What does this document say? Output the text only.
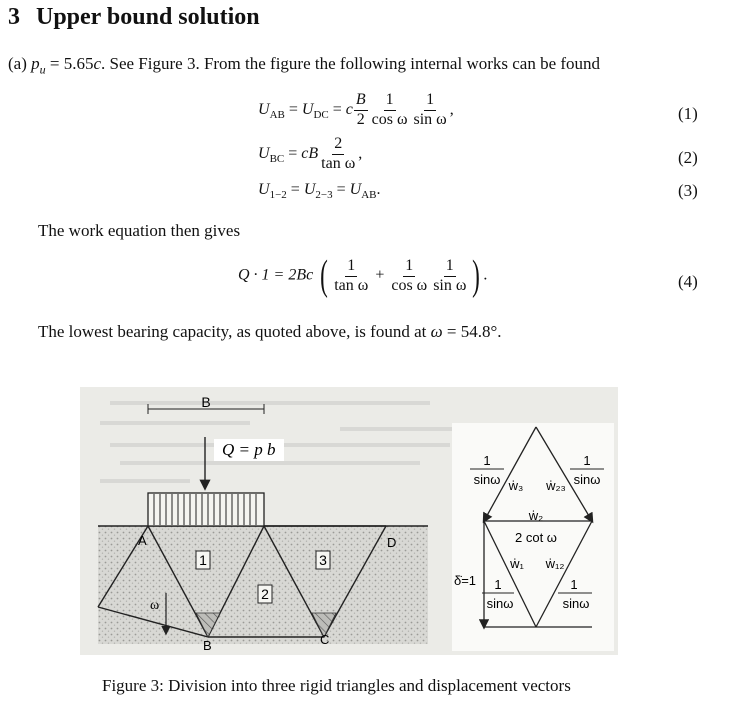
3 Upper bound solution
(a) $p_u = 5.65c$. See Figure 3. From the figure the following internal works can be found
$U_{AB} = U_{DC} = c \frac{B}{2} \frac{1}{\text{cos ω}} \frac{1}{\text{sin ω}}$ ,	(1)
$U_{BC}$ = cB $\frac{2}{\text{tan ω}}$ ,	(2)
$U_{1-2} = U_{2-3} = U_{AB}$.	(3)
The work equation then gives
Q · 1 = 2Bc ( $\frac{1}{\text{tan ω}} + \frac{1}{\text{cos ω}} \frac{1}{\text{sin ω}}$ ) .	(4)
The lowest bearing capacity, as quoted above, is found at ω = 54.8°.
B
Q = p b
ω
A	D
B	C
1
2
3
1
sinω
1
sinω
ẇ₃ ẇ₂₃
ẇ₂
2 cot ω
ẇ₁ ẇ₁₂
δ̇=1 1
sinω
1
sinω
Figure 3: Division into three rigid triangles and displacement vectors
